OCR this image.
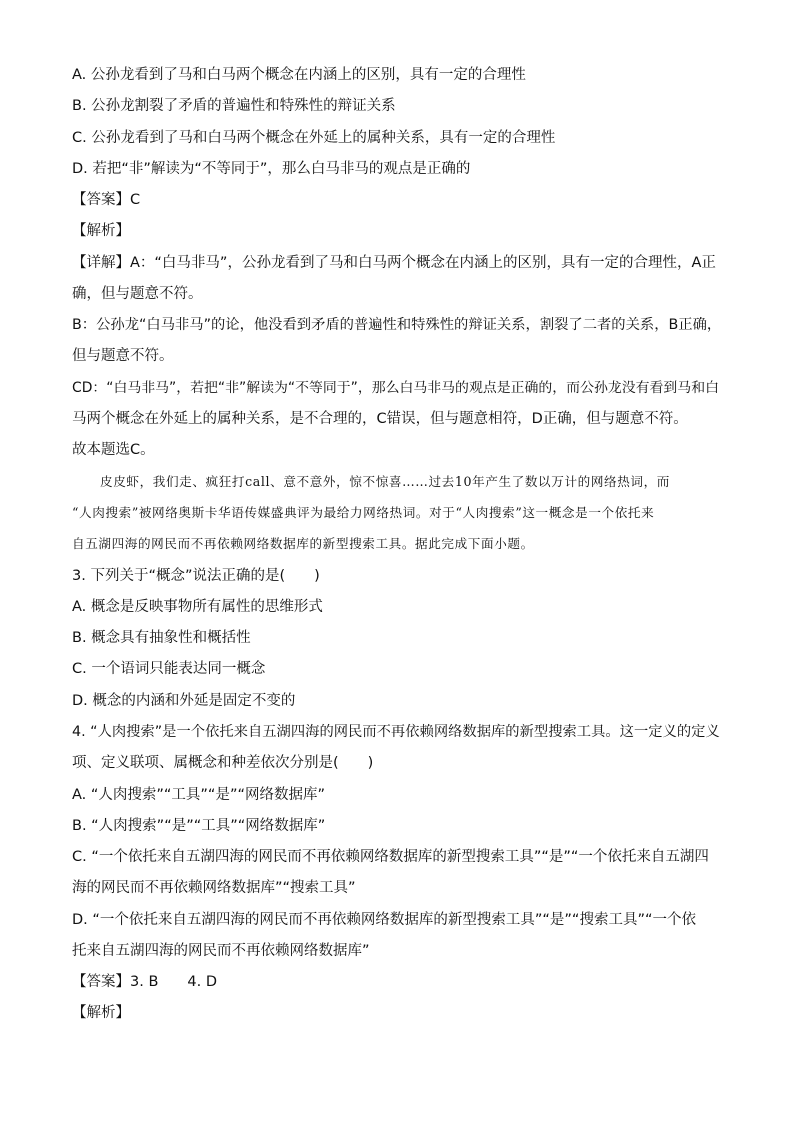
A. 公孙龙看到了马和白马两个概念在内涵上的区别，具有一定的合理性
B. 公孙龙割裂了矛盾的普遍性和特殊性的辩证关系
C. 公孙龙看到了马和白马两个概念在外延上的属种关系，具有一定的合理性
D. 若把“非”解读为“不等同于”，那么白马非马的观点是正确的
【答案】C
【解析】
【详解】A：“白马非马”，公孙龙看到了马和白马两个概念在内涵上的区别，具有一定的合理性，A正
确，但与题意不符。
B：公孙龙“白马非马”的论，他没看到矛盾的普遍性和特殊性的辩证关系，割裂了二者的关系，B正确，
但与题意不符。
CD：“白马非马”，若把“非”解读为“不等同于”，那么白马非马的观点是正确的，而公孙龙没有看到马和白
马两个概念在外延上的属种关系，是不合理的，C错误，但与题意相符，D正确，但与题意不符。
故本题选C。
皮皮虾，我们走、疯狂打call、意不意外，惊不惊喜……过去10年产生了数以万计的网络热词，而
“人肉搜索”被网络奥斯卡华语传媒盛典评为最给力网络热词。对于“人肉搜索”这一概念是一个依托来
自五湖四海的网民而不再依赖网络数据库的新型搜索工具。据此完成下面小题。
3. 下列关于“概念”说法正确的是(　　)
A. 概念是反映事物所有属性的思维形式
B. 概念具有抽象性和概括性
C. 一个语词只能表达同一概念
D. 概念的内涵和外延是固定不变的
4. “人肉搜索”是一个依托来自五湖四海的网民而不再依赖网络数据库的新型搜索工具。这一定义的定义
项、定义联项、属概念和种差依次分别是(　　)
A. “人肉搜索”“工具”“是”“网络数据库”
B. “人肉搜索”“是”“工具”“网络数据库”
C. “一个依托来自五湖四海的网民而不再依赖网络数据库的新型搜索工具”“是”“一个依托来自五湖四
海的网民而不再依赖网络数据库”“搜索工具”
D. “一个依托来自五湖四海的网民而不再依赖网络数据库的新型搜索工具”“是”“搜索工具”“一个依
托来自五湖四海的网民而不再依赖网络数据库”
【答案】3. B　　4. D
【解析】
